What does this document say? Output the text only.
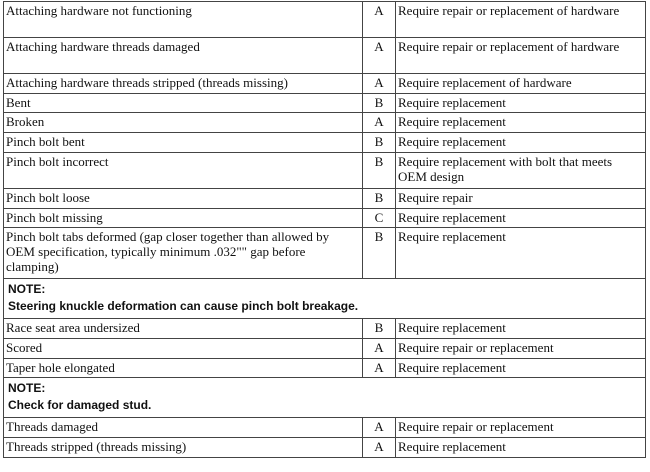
Attaching hardware not functioning	A	Require repair or replacement of hardware
Attaching hardware threads damaged	A	Require repair or replacement of hardware
Attaching hardware threads stripped (threads missing)	A	Require replacement of hardware
Bent	B	Require replacement
Broken	A	Require replacement
Pinch bolt bent	B	Require replacement
Pinch bolt incorrect	B	Require replacement with bolt that meets OEM design
Pinch bolt loose	B	Require repair
Pinch bolt missing	C	Require replacement
Pinch bolt tabs deformed (gap closer together than allowed by OEM specification, typically minimum .032"" gap before clamping)	B	Require replacement

NOTE:
Steering knuckle deformation can cause pinch bolt breakage.		

Race seat area undersized	B	Require replacement
Scored	A	Require repair or replacement
Taper hole elongated	A	Require replacement

NOTE:
Check for damaged stud.		

Threads damaged	A	Require repair or replacement
Threads stripped (threads missing)	A	Require replacement
